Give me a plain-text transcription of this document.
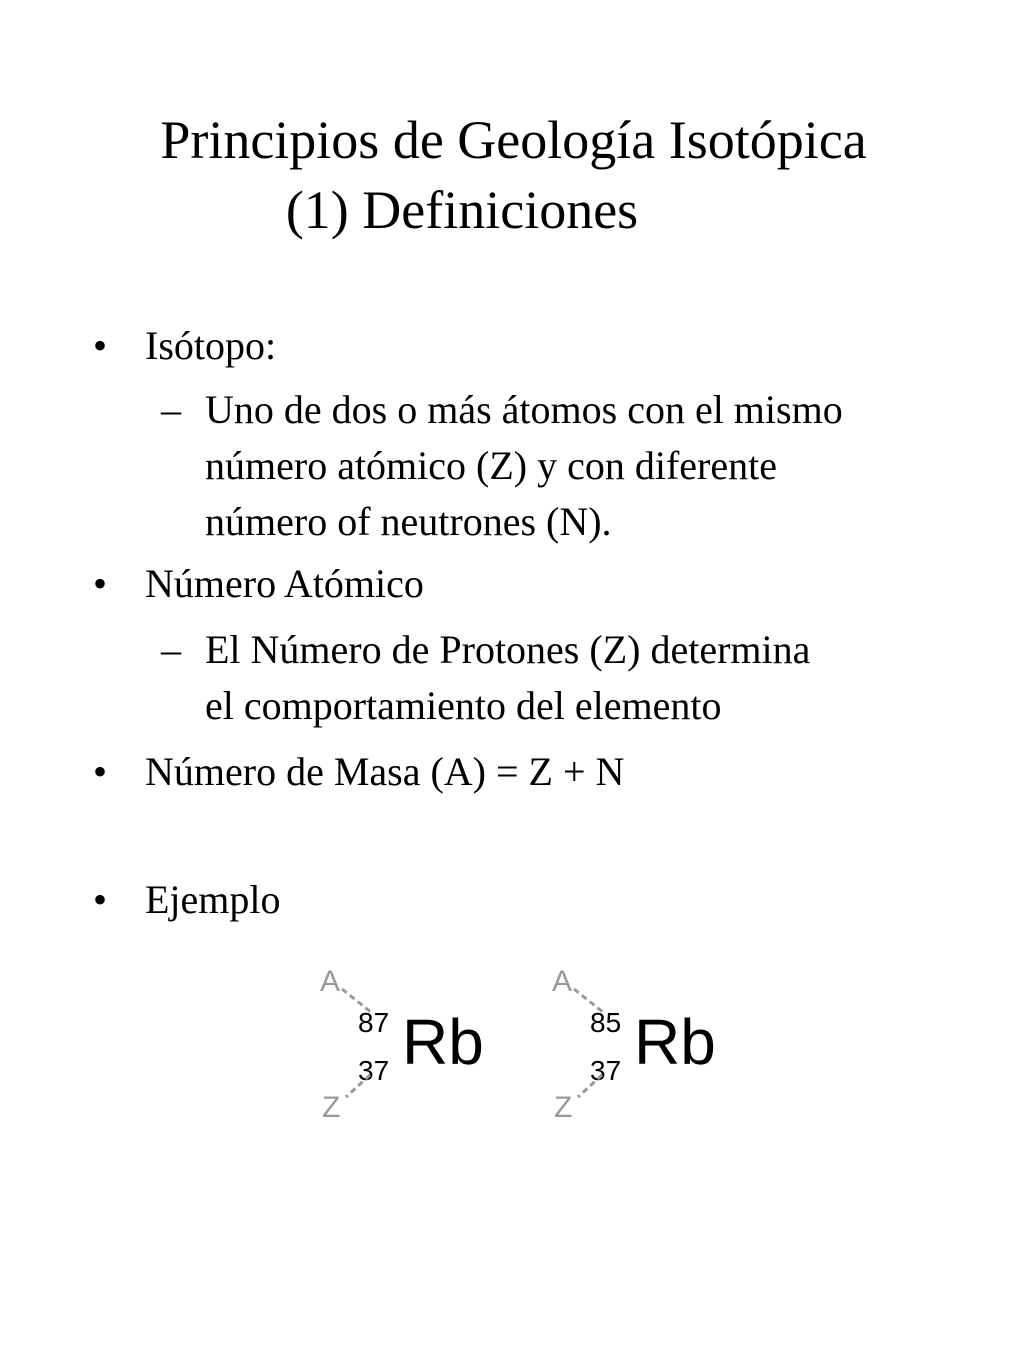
Principios de Geología Isotópica
(1) Definiciones
• Isótopo:
– Uno de dos o más átomos con el mismo
número atómico (Z) y con diferente
número of neutrones (N).
• Número Atómico
– El Número de Protones (Z) determina
el comportamiento del elemento
• Número de Masa (A) = Z + N
• Ejemplo
A
87 Rb
37
Z
A
85 Rb
37
Z
